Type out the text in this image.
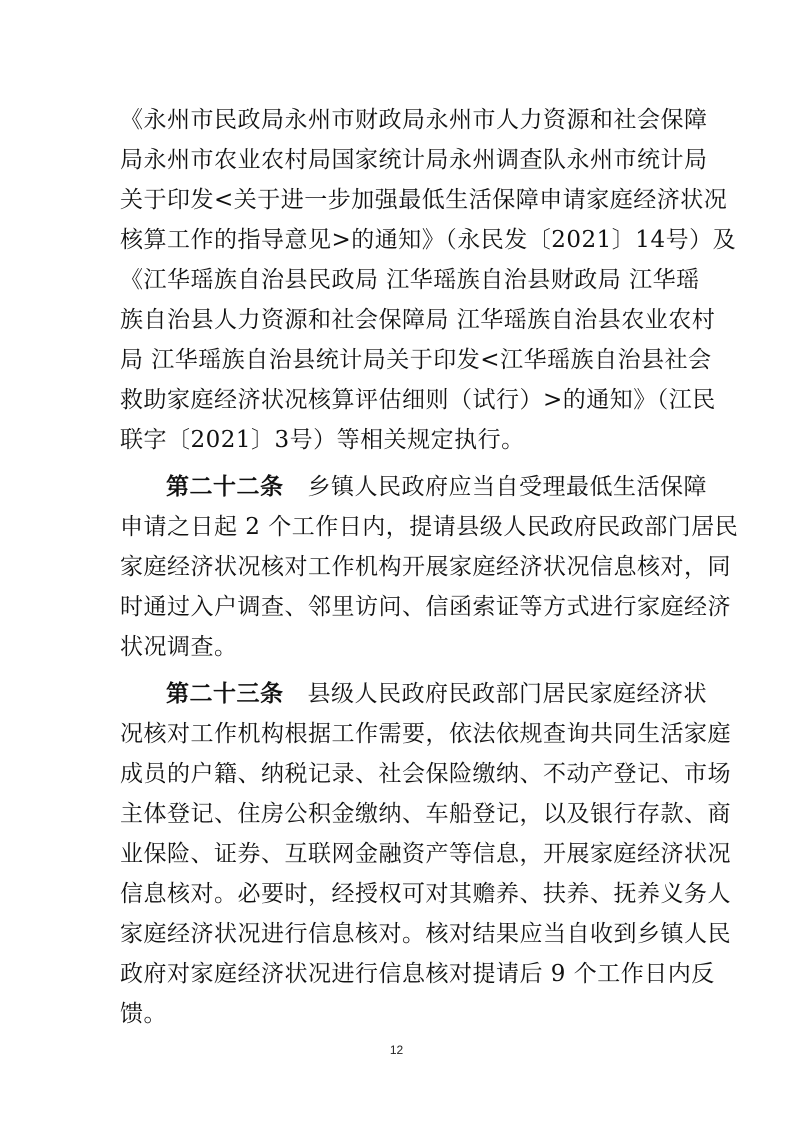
《永州市民政局永州市财政局永州市人力资源和社会保障
局永州市农业农村局国家统计局永州调查队永州市统计局
关于印发<关于进一步加强最低生活保障申请家庭经济状况
核算工作的指导意见>的通知》（永民发〔2021〕14号）及
《江华瑶族自治县民政局 江华瑶族自治县财政局 江华瑶
族自治县人力资源和社会保障局 江华瑶族自治县农业农村
局 江华瑶族自治县统计局关于印发<江华瑶族自治县社会
救助家庭经济状况核算评估细则（试行）>的通知》（江民
联字〔2021〕3号）等相关规定执行。
第二十二条 乡镇人民政府应当自受理最低生活保障
申请之日起 2 个工作日内，提请县级人民政府民政部门居民
家庭经济状况核对工作机构开展家庭经济状况信息核对，同
时通过入户调查、邻里访问、信函索证等方式进行家庭经济
状况调查。
第二十三条 县级人民政府民政部门居民家庭经济状
况核对工作机构根据工作需要，依法依规查询共同生活家庭
成员的户籍、纳税记录、社会保险缴纳、不动产登记、市场
主体登记、住房公积金缴纳、车船登记，以及银行存款、商
业保险、证券、互联网金融资产等信息，开展家庭经济状况
信息核对。必要时，经授权可对其赡养、扶养、抚养义务人
家庭经济状况进行信息核对。核对结果应当自收到乡镇人民
政府对家庭经济状况进行信息核对提请后 9 个工作日内反
馈。
12
